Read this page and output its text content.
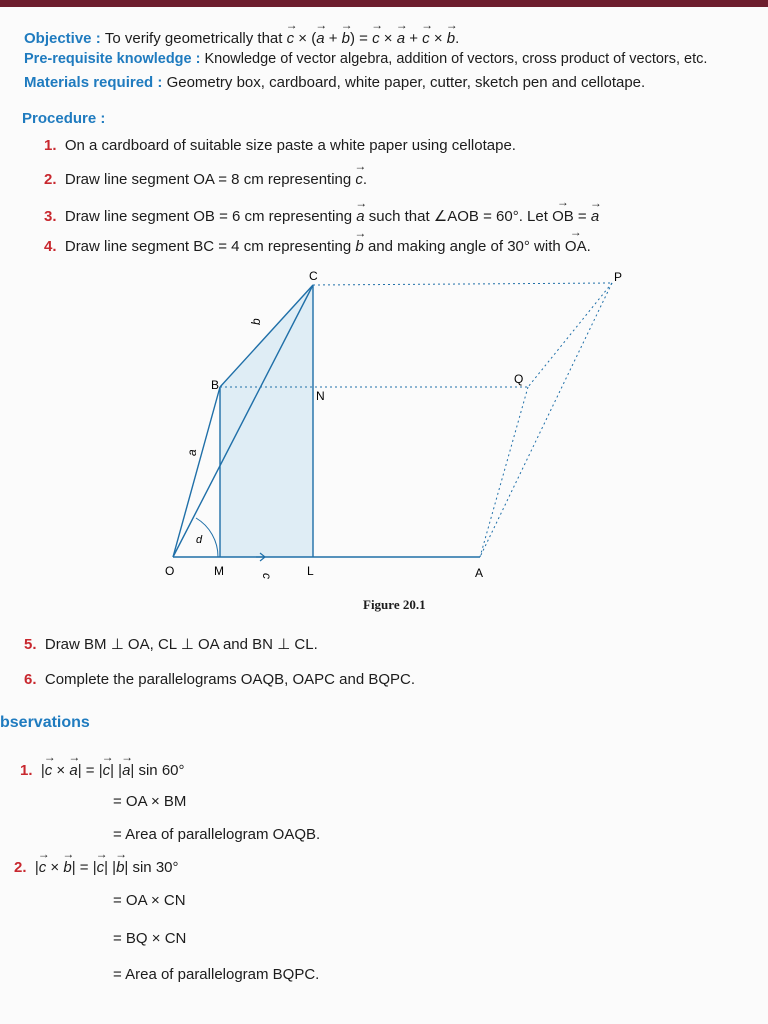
Objective : To verify geometrically that → c × (→ a + → b) = → c × → a + → c × → b.
Pre-requisite knowledge : Knowledge of vector algebra, addition of vectors, cross product of vectors, etc.
Materials required : Geometry box, cardboard, white paper, cutter, sketch pen and cellotape.
Procedure :
1. On a cardboard of suitable size paste a white paper using cellotape.
2. Draw line segment OA = 8 cm representing → c.
3. Draw line segment OB = 6 cm representing → a such that ∠AOB = 60°. Let → OB = → a
4. Draw line segment BC = 4 cm representing → b and making angle of 30° with → OA.
O	M	L	A
B
N
C	P
Q
b
a
c
d
Figure 20.1
5. Draw BM ⊥ OA, CL ⊥ OA and BN ⊥ CL.
6. Complete the parallelograms OAQB, OAPC and BQPC.
bservations
1.  |→ c × → a| = |→ c| |→ a| sin 60°
= OA × BM
= Area of parallelogram OAQB.
2.  |→ c × → b| = |→ c| |→ b| sin 30°
= OA × CN
= BQ × CN
= Area of parallelogram BQPC.
